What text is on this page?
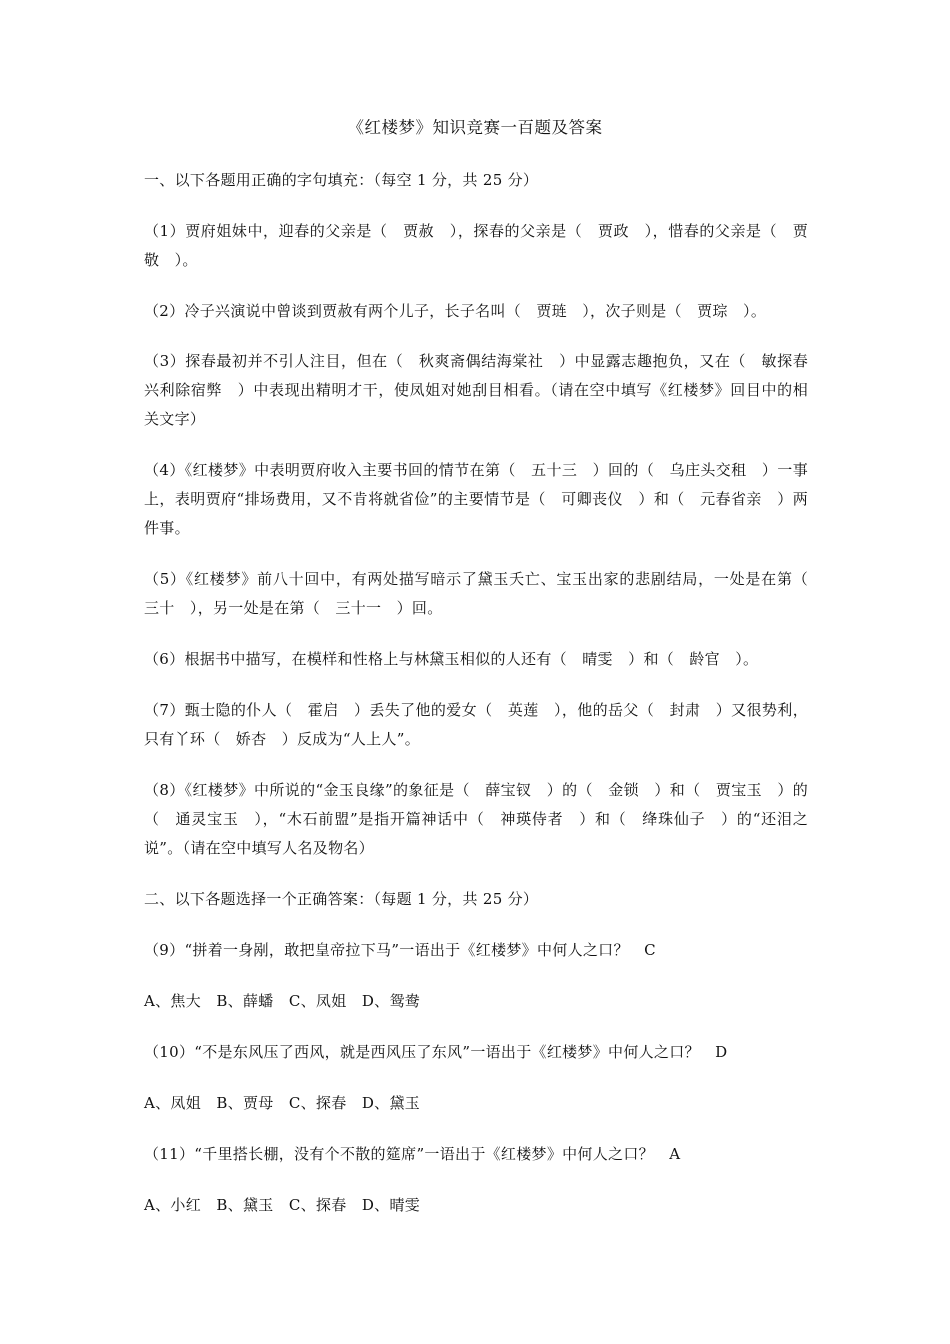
《红楼梦》知识竞赛一百题及答案
一、以下各题用正确的字句填充：（每空 1 分，共 25 分）
（1）贾府姐妹中，迎春的父亲是（　贾赦　），探春的父亲是（　贾政　），惜春的父亲是（　贾敬　）。
（2）冷子兴演说中曾谈到贾赦有两个儿子，长子名叫（　贾琏　），次子则是（　贾琮　）。
（3）探春最初并不引人注目，但在（　秋爽斋偶结海棠社　）中显露志趣抱负，又在（　敏探春兴利除宿弊　）中表现出精明才干，使凤姐对她刮目相看。（请在空中填写《红楼梦》回目中的相关文字）
（4）《红楼梦》中表明贾府收入主要书回的情节在第（　五十三　）回的（　乌庄头交租　）一事上，表明贾府“排场费用，又不肯将就省俭”的主要情节是（　可卿丧仪　）和（　元春省亲　）两件事。
（5）《红楼梦》前八十回中，有两处描写暗示了黛玉夭亡、宝玉出家的悲剧结局，一处是在第（　三十　），另一处是在第（　三十一　）回。
（6）根据书中描写，在模样和性格上与林黛玉相似的人还有（　晴雯　）和（　龄官　）。
（7）甄士隐的仆人（　霍启　）丢失了他的爱女（　英莲　），他的岳父（　封肃　）又很势利，只有丫环（　娇杏　）反成为“人上人”。
（8）《红楼梦》中所说的“金玉良缘”的象征是（　薛宝钗　）的（　金锁　）和（　贾宝玉　）的（　通灵宝玉　），“木石前盟”是指开篇神话中（　神瑛侍者　）和（　绛珠仙子　）的“还泪之说”。（请在空中填写人名及物名）
二、以下各题选择一个正确答案：（每题 1 分，共 25 分）
（9）“拼着一身剐，敢把皇帝拉下马”一语出于《红楼梦》中何人之口？　C
A、焦大　B、薛蟠　C、凤姐　D、鸳鸯
（10）“不是东风压了西风，就是西风压了东风”一语出于《红楼梦》中何人之口？　D
A、凤姐　B、贾母　C、探春　D、黛玉
（11）“千里搭长棚，没有个不散的筵席”一语出于《红楼梦》中何人之口？　A
A、小红　B、黛玉　C、探春　D、晴雯
